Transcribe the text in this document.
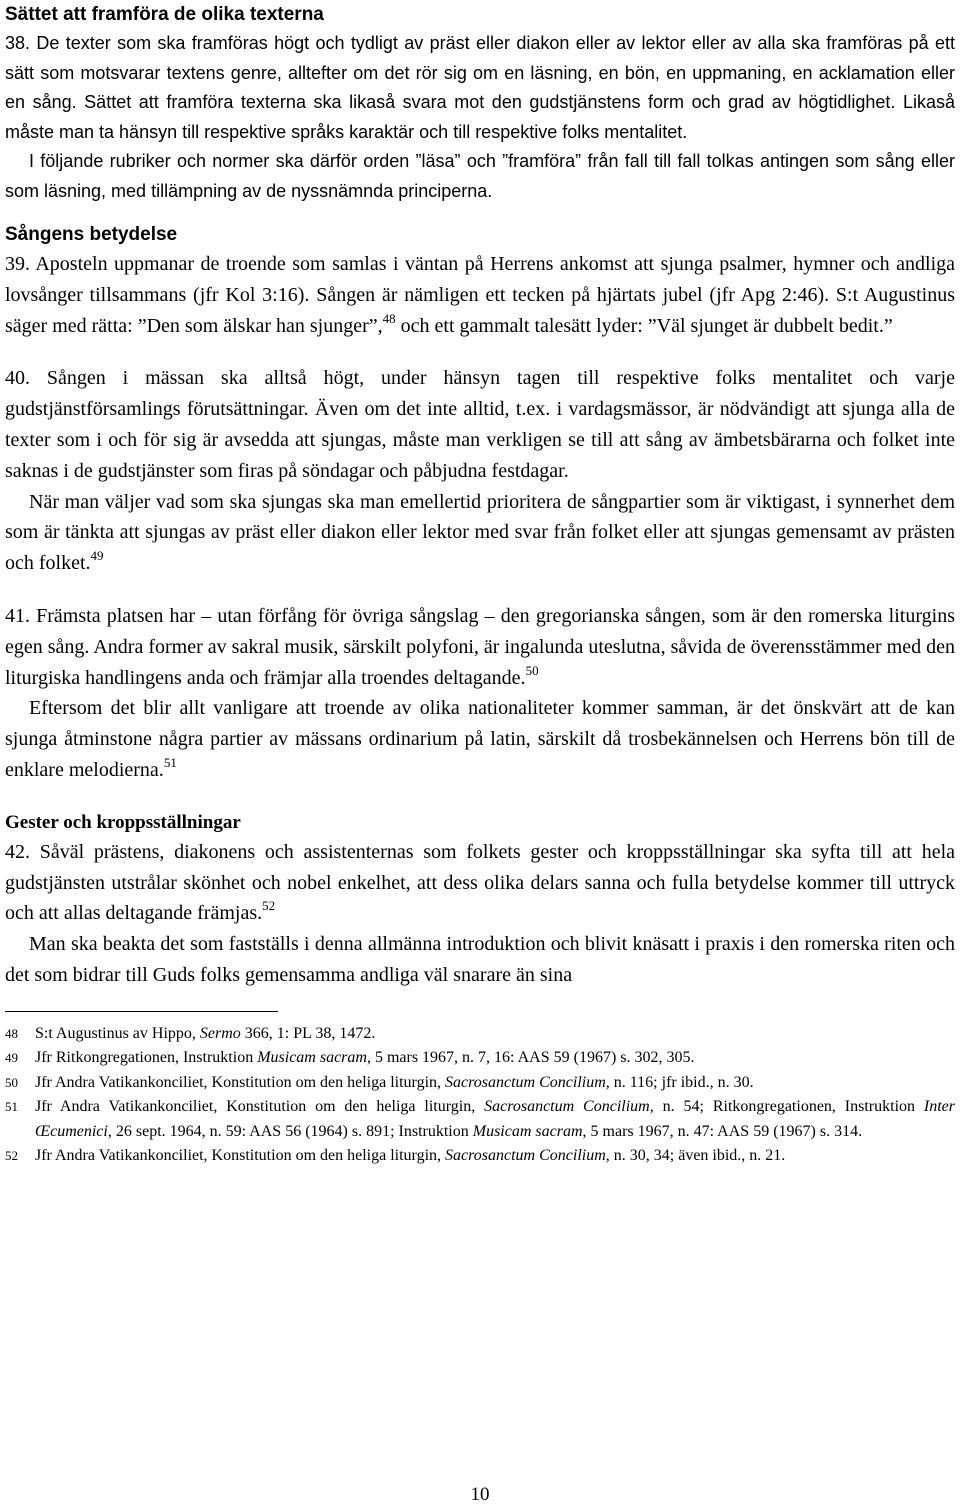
Sättet att framföra de olika texterna

38. De texter som ska framföras högt och tydligt av präst eller diakon eller av lektor eller av alla ska framföras på ett sätt som motsvarar textens genre, alltefter om det rör sig om en läsning, en bön, en uppmaning, en acklamation eller en sång. Sättet att framföra texterna ska likaså svara mot den gudstjänstens form och grad av högtidlighet. Likaså måste man ta hänsyn till respektive språks karaktär och till respektive folks mentalitet.

I följande rubriker och normer ska därför orden ”läsa” och ”framföra” från fall till fall tolkas antingen som sång eller som läsning, med tillämpning av de nyssnämnda principerna.

Sångens betydelse

39. Aposteln uppmanar de troende som samlas i väntan på Herrens ankomst att sjunga psalmer, hymner och andliga lovsånger tillsammans (jfr Kol 3:16). Sången är nämligen ett tecken på hjärtats jubel (jfr Apg 2:46). S:t Augustinus säger med rätta: ”Den som älskar han sjunger”,$^{48}$ och ett gammalt talesätt lyder: ”Väl sjunget är dubbelt bedit.”

40. Sången i mässan ska alltså högt, under hänsyn tagen till respektive folks mentalitet och varje gudstjänstförsamlings förutsättningar. Även om det inte alltid, t.ex. i vardagsmässor, är nödvändigt att sjunga alla de texter som i och för sig är avsedda att sjungas, måste man verkligen se till att sång av ämbetsbärarna och folket inte saknas i de gudstjänster som firas på söndagar och påbjudna festdagar.

När man väljer vad som ska sjungas ska man emellertid prioritera de sångpartier som är viktigast, i synnerhet dem som är tänkta att sjungas av präst eller diakon eller lektor med svar från folket eller att sjungas gemensamt av prästen och folket.$^{49}$

41. Främsta platsen har – utan förfång för övriga sångslag – den gregorianska sången, som är den romerska liturgins egen sång. Andra former av sakral musik, särskilt polyfoni, är ingalunda uteslutna, såvida de överensstämmer med den liturgiska handlingens anda och främjar alla troendes deltagande.$^{50}$

Eftersom det blir allt vanligare att troende av olika nationaliteter kommer samman, är det önskvärt att de kan sjunga åtminstone några partier av mässans ordinarium på latin, särskilt då trosbekännelsen och Herrens bön till de enklare melodierna.$^{51}$

Gester och kroppsställningar

42. Såväl prästens, diakonens och assistenternas som folkets gester och kroppsställningar ska syfta till att hela gudstjänsten utstrålar skönhet och nobel enkelhet, att dess olika delars sanna och fulla betydelse kommer till uttryck och att allas deltagande främjas.$^{52}$

Man ska beakta det som fastställs i denna allmänna introduktion och blivit knäsatt i praxis i den romerska riten och det som bidrar till Guds folks gemensamma andliga väl snarare än sina

48	S:t Augustinus av Hippo, Sermo 366, 1: PL 38, 1472.
49	Jfr Ritkongregationen, Instruktion Musicam sacram, 5 mars 1967, n. 7, 16: AAS 59 (1967) s. 302, 305.
50	Jfr Andra Vatikankonciliet, Konstitution om den heliga liturgin, Sacrosanctum Concilium, n. 116; jfr ibid., n. 30.
51	Jfr Andra Vatikankonciliet, Konstitution om den heliga liturgin, Sacrosanctum Concilium, n. 54; Ritkongregationen, Instruktion Inter Œcumenici, 26 sept. 1964, n. 59: AAS 56 (1964) s. 891; Instruktion Musicam sacram, 5 mars 1967, n. 47: AAS 59 (1967) s. 314.
52	Jfr Andra Vatikankonciliet, Konstitution om den heliga liturgin, Sacrosanctum Concilium, n. 30, 34; även ibid., n. 21.
10
